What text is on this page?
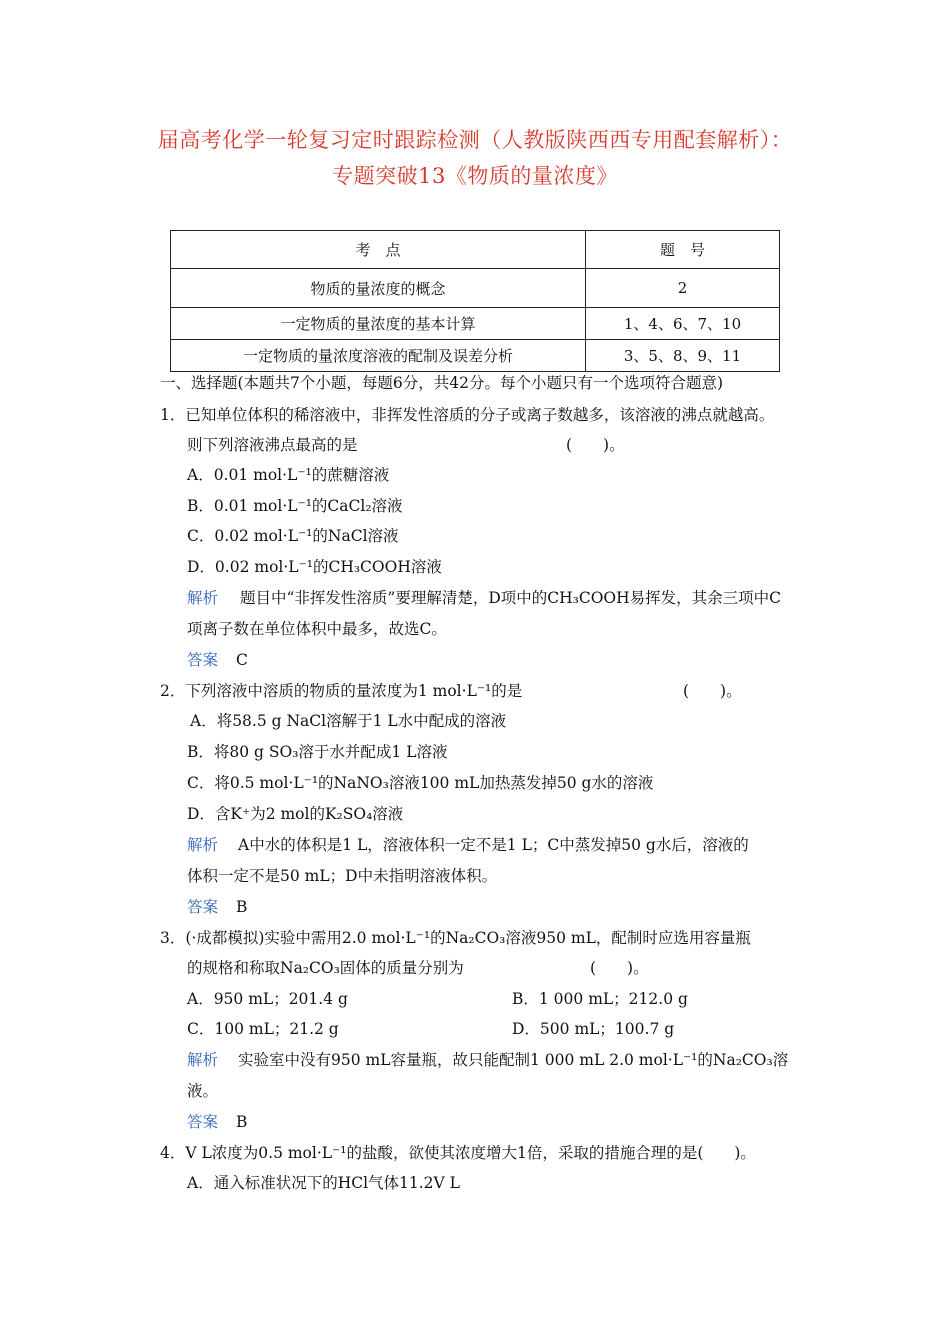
届高考化学一轮复习定时跟踪检测（人教版陕西西专用配套解析）：
专题突破13《物质的量浓度》
考　点	题　号
物质的量浓度的概念	2
一定物质的量浓度的基本计算	1、4、6、7、10
一定物质的量浓度溶液的配制及误差分析	3、5、8、9、11
一、选择题(本题共7个小题，每题6分，共42分。每个小题只有一个选项符合题意)
1．已知单位体积的稀溶液中，非挥发性溶质的分子或离子数越多，该溶液的沸点就越高。
则下列溶液沸点最高的是	(　　)。
A．0.01 mol·L⁻¹的蔗糖溶液
B．0.01 mol·L⁻¹的CaCl₂溶液
C．0.02 mol·L⁻¹的NaCl溶液
D．0.02 mol·L⁻¹的CH₃COOH溶液
解析 题目中“非挥发性溶质”要理解清楚，D项中的CH₃COOH易挥发，其余三项中C
项离子数在单位体积中最多，故选C。
答案 C
2．下列溶液中溶质的物质的量浓度为1 mol·L⁻¹的是	(　　)。
A．将58.5 g NaCl溶解于1 L水中配成的溶液
B．将80 g SO₃溶于水并配成1 L溶液
C．将0.5 mol·L⁻¹的NaNO₃溶液100 mL加热蒸发掉50 g水的溶液
D．含K⁺为2 mol的K₂SO₄溶液
解析 A中水的体积是1 L，溶液体积一定不是1 L；C中蒸发掉50 g水后，溶液的
体积一定不是50 mL；D中未指明溶液体积。
答案 B
3．(·成都模拟)实验中需用2.0 mol·L⁻¹的Na₂CO₃溶液950 mL，配制时应选用容量瓶
的规格和称取Na₂CO₃固体的质量分别为	(　　)。
A．950 mL；201.4 g	B．1 000 mL；212.0 g
C．100 mL；21.2 g	D．500 mL；100.7 g
解析 实验室中没有950 mL容量瓶，故只能配制1 000 mL 2.0 mol·L⁻¹的Na₂CO₃溶
液。
答案 B
4．V L浓度为0.5 mol·L⁻¹的盐酸，欲使其浓度增大1倍，采取的措施合理的是(　　)。
A．通入标准状况下的HCl气体11.2V L
